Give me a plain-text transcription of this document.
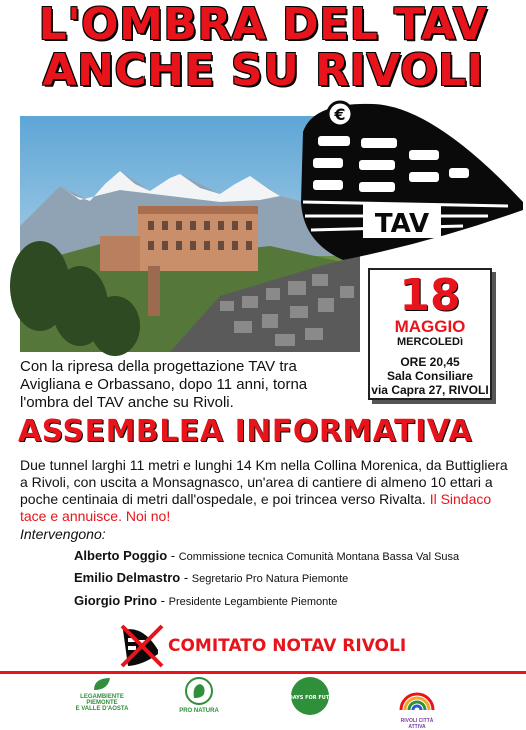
L'OMBRA DEL TAV
ANCHE SU RIVOLI
€
TAV
18
MAGGIO
MERCOLEDì
ORE 20,45
Sala Consiliare
via Capra 27, RIVOLI
Con la ripresa della progettazione TAV tra Avigliana e Orbassano, dopo 11 anni, torna l'ombra del TAV anche su Rivoli.
ASSEMBLEA INFORMATIVA
Due tunnel larghi 11 metri e lunghi 14 Km nella Collina Morenica, da Buttigliera a Rivoli, con uscita a Monsagnasco, un'area di cantiere di almeno 10 ettari a poche centinaia di metri dall'ospedale, e poi trincea verso Rivalta. Il Sindaco tace e annuisce. Noi no!
Intervengono:
Alberto Poggio - Commissione tecnica Comunità Montana Bassa Val Susa
Emilio Delmastro - Segretario Pro Natura Piemonte
Giorgio Prino - Presidente Legambiente Piemonte
COMITATO NOTAV RIVOLI
LEGAMBIENTE
PIEMONTE
E VALLE D'AOSTA	PRO NATURA
FRIDAYS FOR FUTURE
RIVOLI CITTÀ ATTIVA
